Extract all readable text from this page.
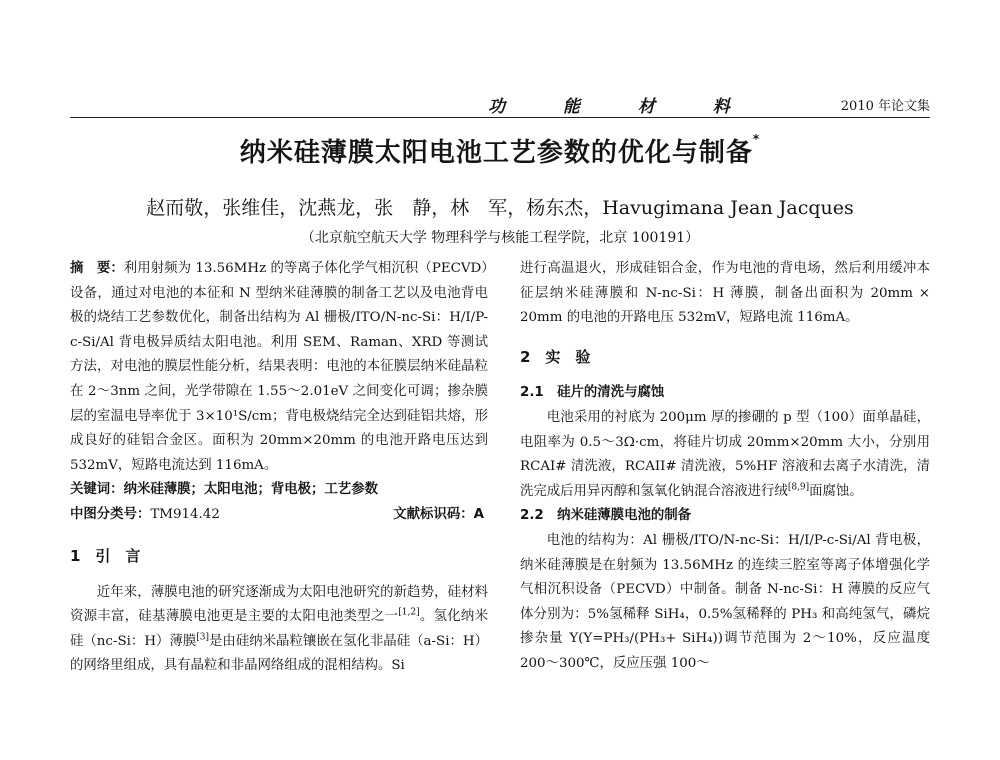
功 能 材 料	2010 年论文集
纳米硅薄膜太阳电池工艺参数的优化与制备*
赵而敬，张维佳，沈燕龙，张　静，林　军，杨东杰，Havugimana Jean Jacques
（北京航空航天大学 物理科学与核能工程学院，北京 100191）
摘　要：利用射频为 13.56MHz 的等离子体化学气相沉积（PECVD）设备，通过对电池的本征和 N 型纳米硅薄膜的制备工艺以及电池背电极的烧结工艺参数优化，制备出结构为 Al 栅极/ITO/N-nc-Si：H/I/P-c-Si/Al 背电极异质结太阳电池。利用 SEM、Raman、XRD 等测试方法，对电池的膜层性能分析，结果表明：电池的本征膜层纳米硅晶粒在 2～3nm 之间，光学带隙在 1.55～2.01eV 之间变化可调；掺杂膜层的室温电导率优于 3×10¹S/cm；背电极烧结完全达到硅铝共熔，形成良好的硅铝合金区。面积为 20mm×20mm 的电池开路电压达到 532mV，短路电流达到 116mA。
关键词：纳米硅薄膜；太阳电池；背电极；工艺参数
中图分类号：TM914.42	文献标识码：A
1　引　言
近年来，薄膜电池的研究逐渐成为太阳电池研究的新趋势，硅材料资源丰富，硅基薄膜电池更是主要的太阳电池类型之一[1,2]。氢化纳米硅（nc-Si：H）薄膜[3]是由硅纳米晶粒镶嵌在氢化非晶硅（a-Si：H）的网络里组成，具有晶粒和非晶网络组成的混相结构。Si
进行高温退火，形成硅铝合金，作为电池的背电场，然后利用缓冲本征层纳米硅薄膜和 N-nc-Si：H 薄膜，制备出面积为 20mm × 20mm 的电池的开路电压 532mV，短路电流 116mA。
2　实　验
2.1　硅片的清洗与腐蚀
电池采用的衬底为 200μm 厚的掺硼的 p 型（100）面单晶硅，电阻率为 0.5～3Ω·cm，将硅片切成 20mm×20mm 大小，分别用 RCAI# 清洗液，RCAII# 清洗液，5%HF 溶液和去离子水清洗，清洗完成后用异丙醇和氢氧化钠混合溶液进行绒[8,9]面腐蚀。
2.2　纳米硅薄膜电池的制备
电池的结构为：Al 栅极/ITO/N-nc-Si：H/I/P-c-Si/Al 背电极，纳米硅薄膜是在射频为 13.56MHz 的连续三腔室等离子体增强化学气相沉积设备（PECVD）中制备。制备 N-nc-Si：H 薄膜的反应气体分别为：5%氢稀释 SiH₄，0.5%氢稀释的 PH₃ 和高纯氢气，磷烷掺杂量 Y(Y=PH₃/(PH₃+ SiH₄))调节范围为 2～10%，反应温度 200～300℃，反应压强 100～
